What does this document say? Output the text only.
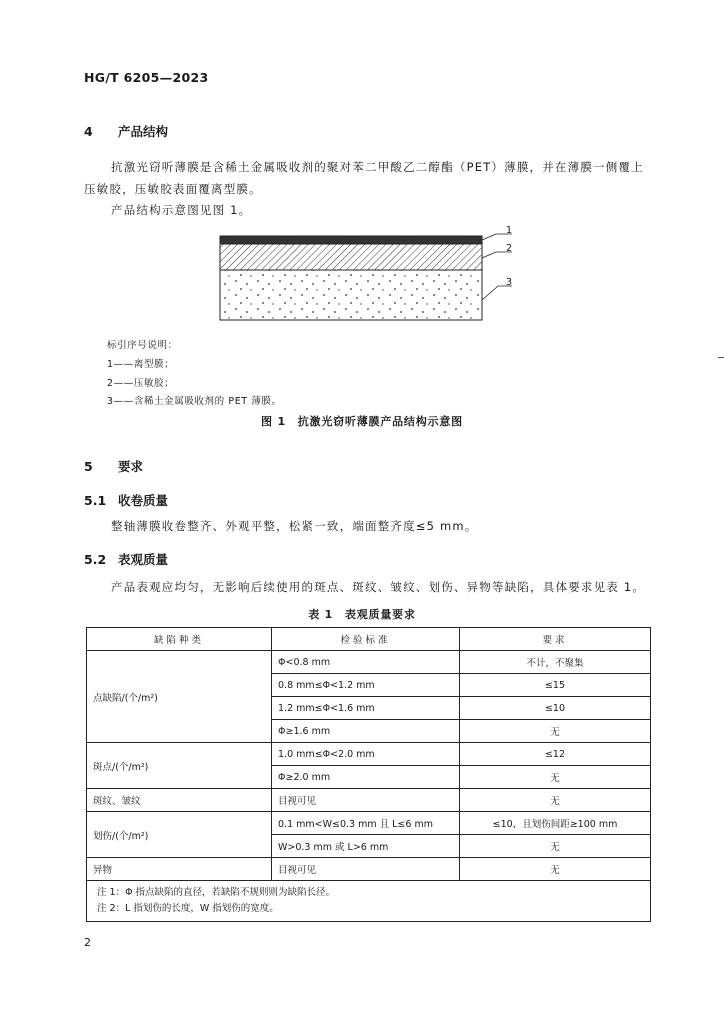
HG/T 6205—2023
4 产品结构
抗激光窃听薄膜是含稀土金属吸收剂的聚对苯二甲酸乙二醇酯（PET）薄膜，并在薄膜一侧覆上
压敏胶，压敏胶表面覆离型膜。
产品结构示意图见图 1。
1
2
3
标引序号说明：
1——离型膜；
2——压敏胶；
3——含稀土金属吸收剂的 PET 薄膜。
图 1　抗激光窃听薄膜产品结构示意图
5 要求
5.1 收卷质量
整轴薄膜收卷整齐、外观平整，松紧一致，端面整齐度≤5 mm。
5.2 表观质量
产品表观应均匀，无影响后续使用的斑点、斑纹、皱纹、划伤、异物等缺陷，具体要求见表 1。
表 1　表观质量要求
缺陷种类	检验标准	要求
点缺陷/(个/m²)	Φ<0.8 mm	不计，不聚集
	0.8 mm≤Φ<1.2 mm	≤15
	1.2 mm≤Φ<1.6 mm	≤10
	Φ≥1.6 mm	无
斑点/(个/m²)	1.0 mm≤Φ<2.0 mm	≤12
	Φ≥2.0 mm	无
斑纹、皱纹	目视可见	无
划伤/(个/m²)	0.1 mm<W≤0.3 mm 且 L≤6 mm	≤10，且划伤间距≥100 mm
	W>0.3 mm 或 L>6 mm	无
异物	目视可见	无

注 1：Φ 指点缺陷的直径，若缺陷不规则则为缺陷长径。
注 2：L 指划伤的长度，W 指划伤的宽度。		
2
